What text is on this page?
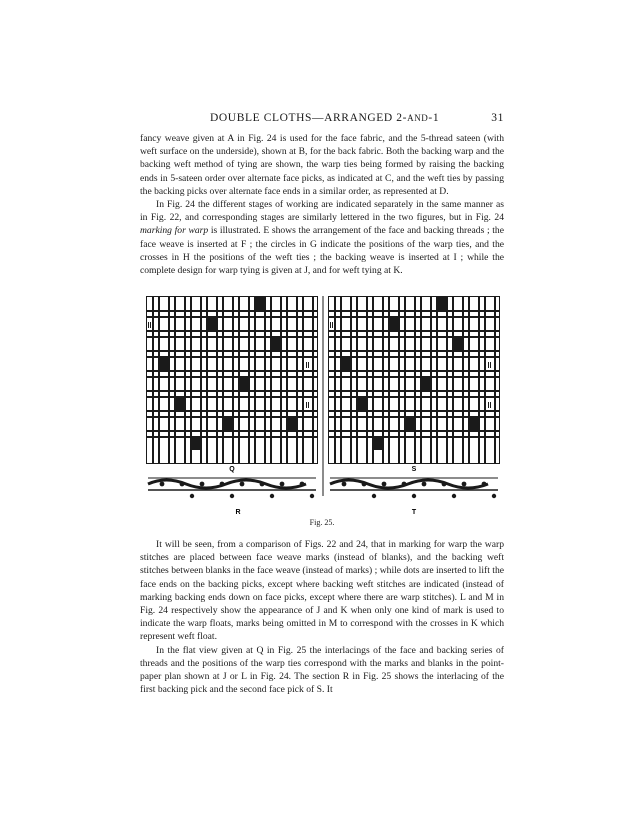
DOUBLE CLOTHS—ARRANGED 2-AND-1	31

fancy weave given at A in Fig. 24 is used for the face fabric, and the 5-thread sateen (with weft surface on the underside), shown at B, for the back fabric. Both the backing warp and the backing weft method of tying are shown, the warp ties being formed by raising the backing ends in 5-sateen order over alternate face picks, as indicated at C, and the weft ties by passing the backing picks over alternate face ends in a similar order, as represented at D.

In Fig. 24 the different stages of working are indicated separately in the same manner as in Fig. 22, and corresponding stages are similarly lettered in the two figures, but in Fig. 24 marking for warp is illustrated. E shows the arrangement of the face and backing threads ; the face weave is inserted at F ; the circles in G indicate the positions of the warp ties, and the crosses in H the positions of the weft ties ; the backing weave is inserted at I ; while the complete design for warp tying is given at J, and for weft tying at K.

Q	S
R	T
Fig. 25.

It will be seen, from a comparison of Figs. 22 and 24, that in marking for warp the warp stitches are placed between face weave marks (instead of blanks), and the backing weft stitches between blanks in the face weave (instead of marks) ; while dots are inserted to lift the face ends on the backing picks, except where backing weft stitches are indicated (instead of marking backing ends down on face picks, except where there are warp stitches). L and M in Fig. 24 respectively show the appearance of J and K when only one kind of mark is used to indicate the warp floats, marks being omitted in M to correspond with the crosses in K which represent weft float.

In the flat view given at Q in Fig. 25 the interlacings of the face and backing series of threads and the positions of the warp ties correspond with the marks and blanks in the point-paper plan shown at J or L in Fig. 24. The section R in Fig. 25 shows the interlacing of the first backing pick and the second face pick of S. It
